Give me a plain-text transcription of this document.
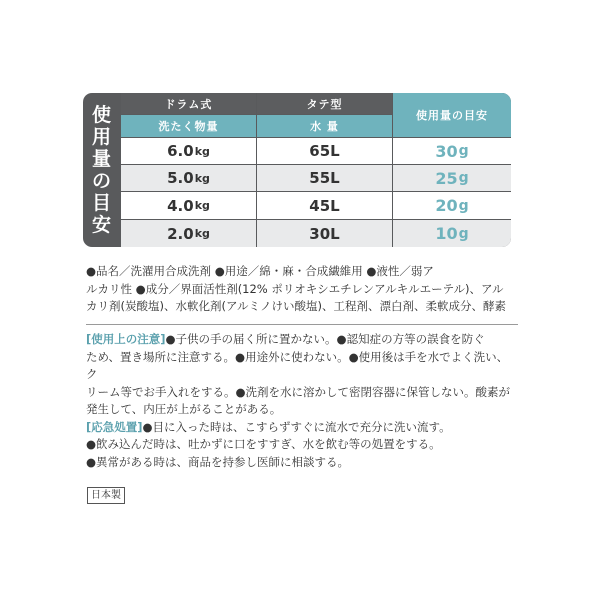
使
用
量
の
目
安
ドラム式	タテ型
使用量の目安
洗たく物量	水 量
6.0 kg	65L	30 g
5.0 kg	55L	25 g
4.0 kg	45L	20 g
2.0 kg	30L	10 g

●品名／洗濯用合成洗剤 ●用途／綿・麻・合成繊維用 ●液性／弱ア

ルカリ性 ●成分／界面活性剤(12% ポリオキシエチレンアルキルエーテル)、アル

カリ剤(炭酸塩)、水軟化剤(アルミノけい酸塩)、工程剤、漂白剤、柔軟成分、酵素

[使用上の注意]●子供の手の届く所に置かない。●認知症の方等の誤食を防ぐ

ため、置き場所に注意する。●用途外に使わない。●使用後は手を水でよく洗い、ク

リーム等でお手入れをする。●洗剤を水に溶かして密閉容器に保管しない。酸素が

発生して、内圧が上がることがある。

[応急処置]●目に入った時は、こすらずすぐに流水で充分に洗い流す。

●飲み込んだ時は、吐かずに口をすすぎ、水を飲む等の処置をする。

●異常がある時は、商品を持参し医師に相談する。

日本製
